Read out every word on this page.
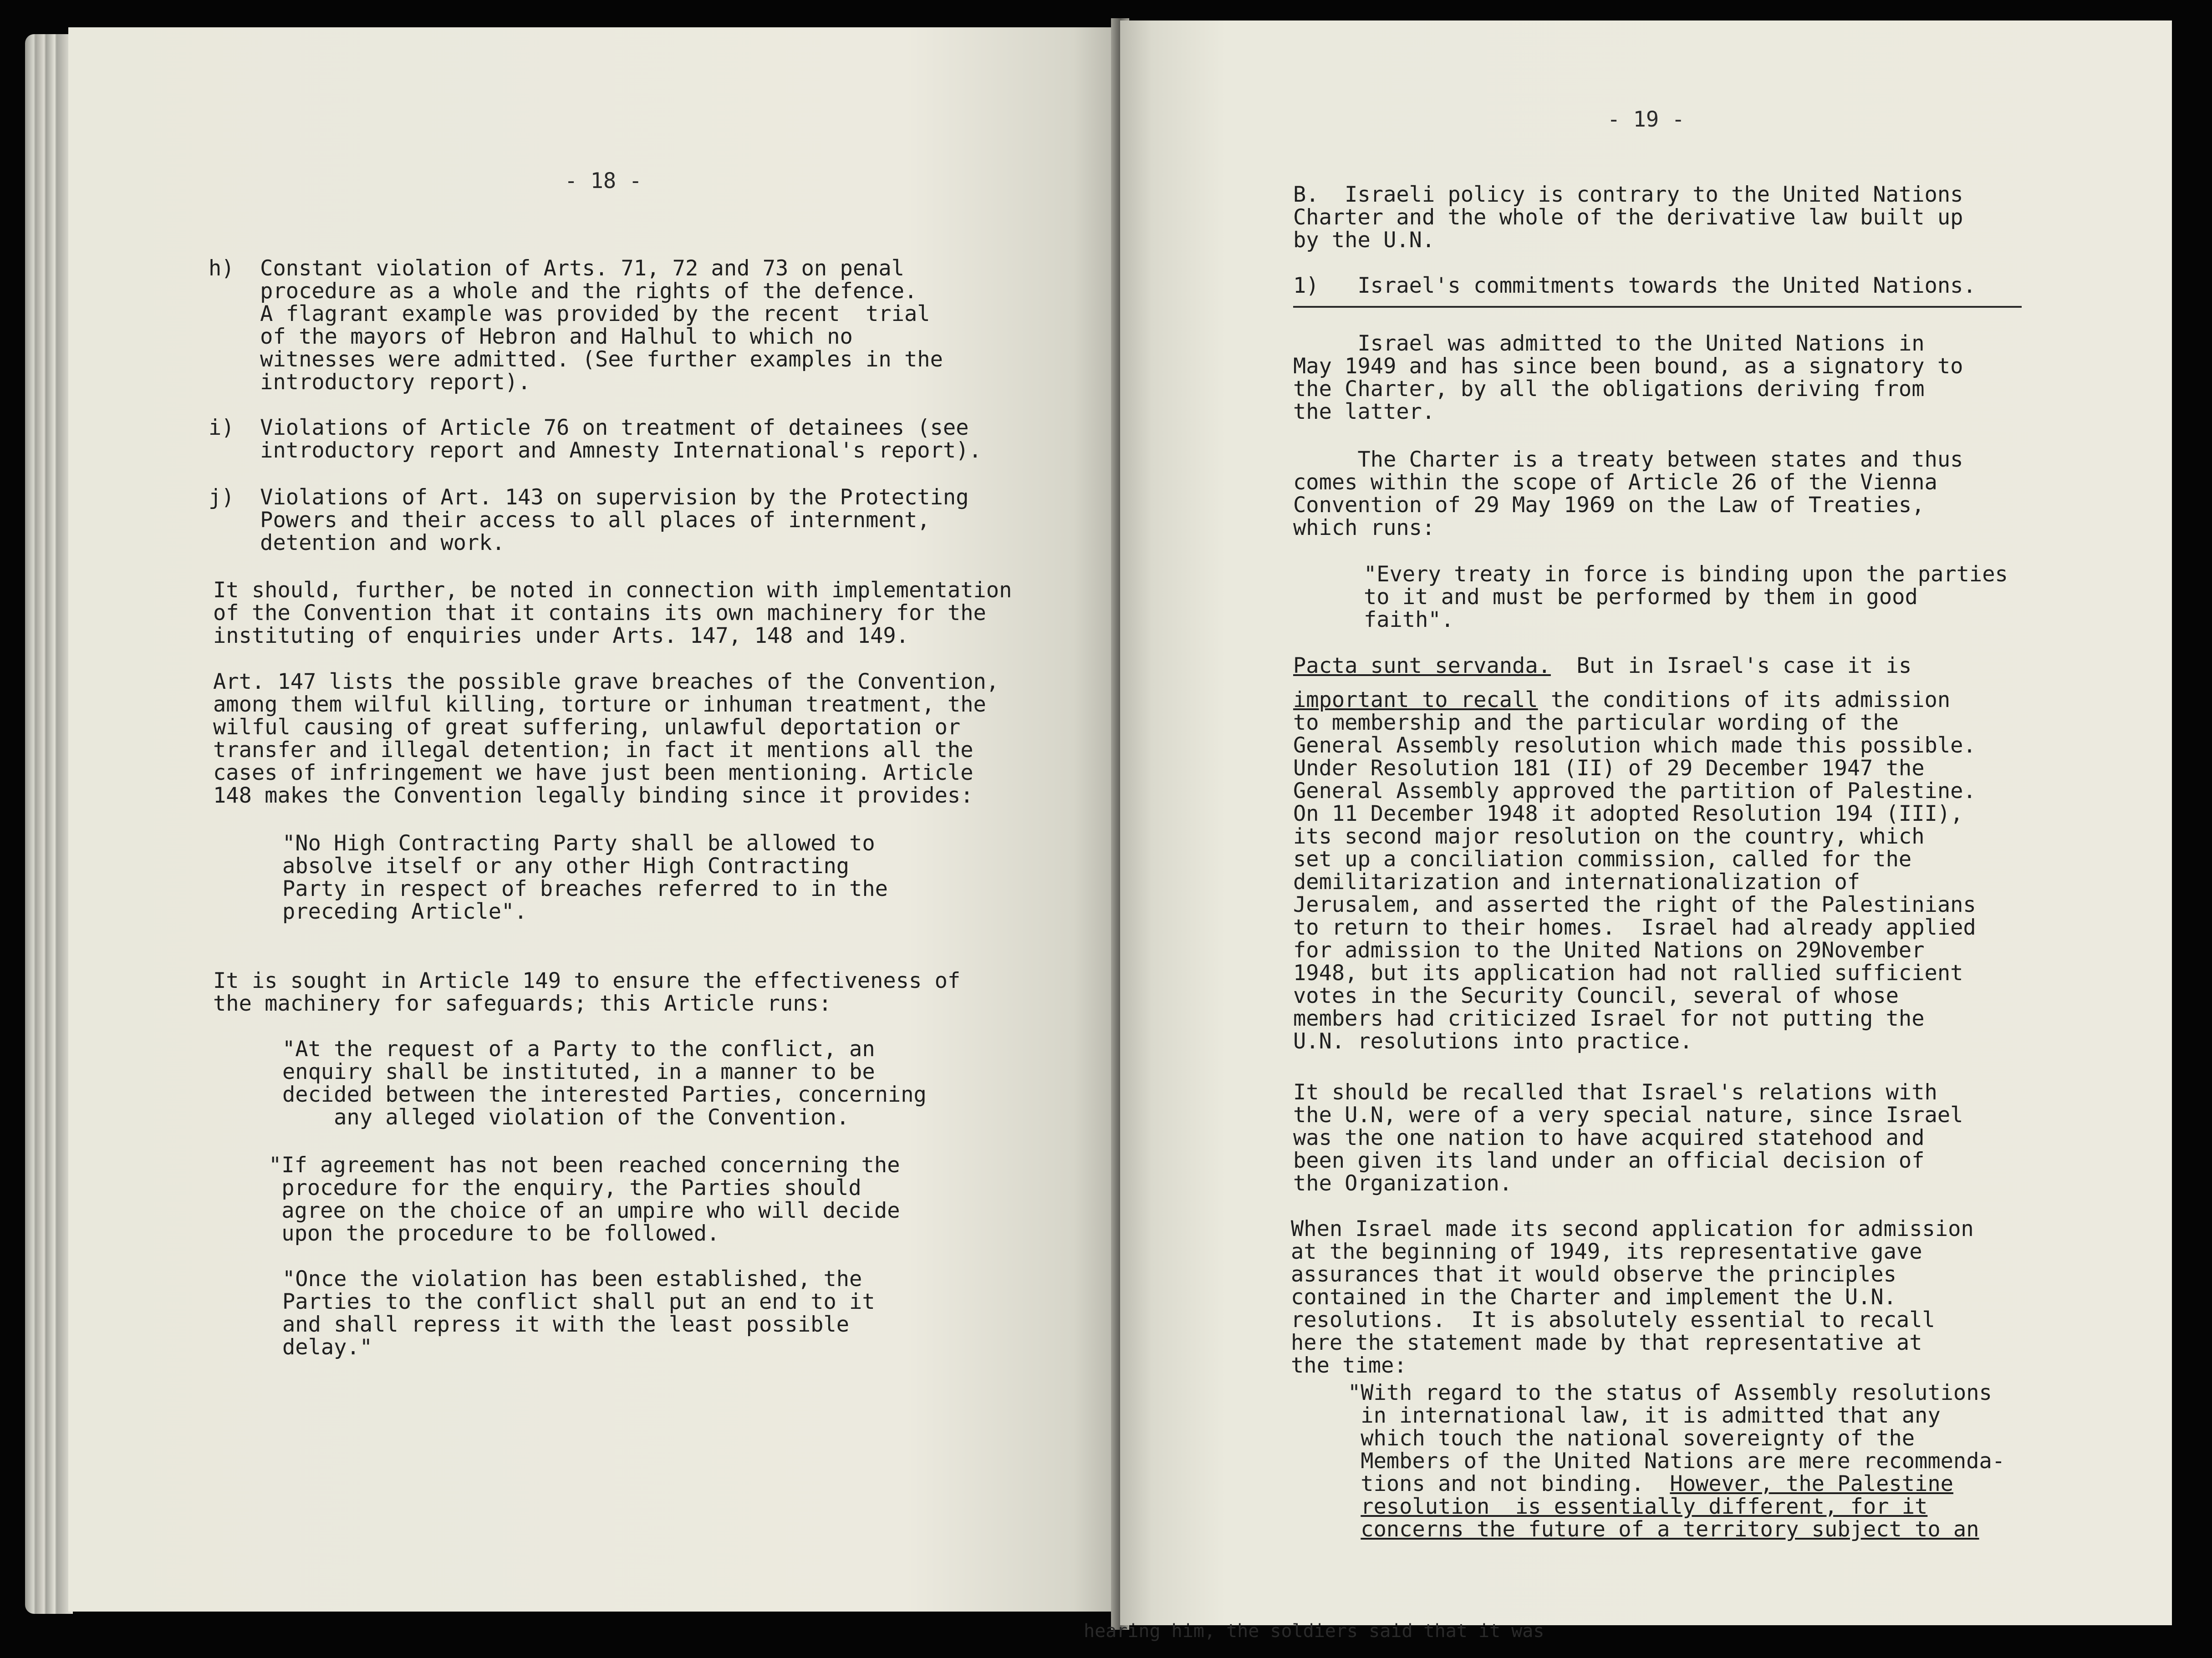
- 18 -
h)  Constant violation of Arts. 71, 72 and 73 on penal
procedure as a whole and the rights of the defence.
A flagrant example was provided by the recent  trial
of the mayors of Hebron and Halhul to which no
witnesses were admitted. (See further examples in the
introductory report).
i)  Violations of Article 76 on treatment of detainees (see
introductory report and Amnesty International's report).
j)  Violations of Art. 143 on supervision by the Protecting
Powers and their access to all places of internment,
detention and work.
It should, further, be noted in connection with implementation
of the Convention that it contains its own machinery for the
instituting of enquiries under Arts. 147, 148 and 149.
Art. 147 lists the possible grave breaches of the Convention,
among them wilful killing, torture or inhuman treatment, the
wilful causing of great suffering, unlawful deportation or
transfer and illegal detention; in fact it mentions all the
cases of infringement we have just been mentioning. Article
148 makes the Convention legally binding since it provides:
"No High Contracting Party shall be allowed to
absolve itself or any other High Contracting
Party in respect of breaches referred to in the
preceding Article".
It is sought in Article 149 to ensure the effectiveness of
the machinery for safeguards; this Article runs:
"At the request of a Party to the conflict, an
enquiry shall be instituted, in a manner to be
decided between the interested Parties, concerning
any alleged violation of the Convention.
"If agreement has not been reached concerning the
procedure for the enquiry, the Parties should
agree on the choice of an umpire who will decide
upon the procedure to be followed.
"Once the violation has been established, the
Parties to the conflict shall put an end to it
and shall repress it with the least possible
delay."
- 19 -
B.  Israeli policy is contrary to the United Nations
Charter and the whole of the derivative law built up
by the U.N.
1)   Israel's commitments towards the United Nations.
Israel was admitted to the United Nations in
May 1949 and has since been bound, as a signatory to
the Charter, by all the obligations deriving from
the latter.
The Charter is a treaty between states and thus
comes within the scope of Article 26 of the Vienna
Convention of 29 May 1969 on the Law of Treaties,
which runs:
"Every treaty in force is binding upon the parties
to it and must be performed by them in good
faith".
Pacta sunt servanda.  But in Israel's case it is
important to recall the conditions of its admission
to membership and the particular wording of the
General Assembly resolution which made this possible.
Under Resolution 181 (II) of 29 December 1947 the
General Assembly approved the partition of Palestine.
On 11 December 1948 it adopted Resolution 194 (III),
its second major resolution on the country, which
set up a conciliation commission, called for the
demilitarization and internationalization of
Jerusalem, and asserted the right of the Palestinians
to return to their homes.  Israel had already applied
for admission to the United Nations on 29November
1948, but its application had not rallied sufficient
votes in the Security Council, several of whose
members had criticized Israel for not putting the
U.N. resolutions into practice.
It should be recalled that Israel's relations with
the U.N, were of a very special nature, since Israel
was the one nation to have acquired statehood and
been given its land under an official decision of
the Organization.
When Israel made its second application for admission
at the beginning of 1949, its representative gave
assurances that it would observe the principles
contained in the Charter and implement the U.N.
resolutions.  It is absolutely essential to recall
here the statement made by that representative at
the time:
"With regard to the status of Assembly resolutions
in international law, it is admitted that any
which touch the national sovereignty of the
Members of the United Nations are mere recommenda-
tions and not binding.  However, the Palestine
resolution  is essentially different, for it
concerns the future of a territory subject to an
hearing him, the soldiers said that it was
